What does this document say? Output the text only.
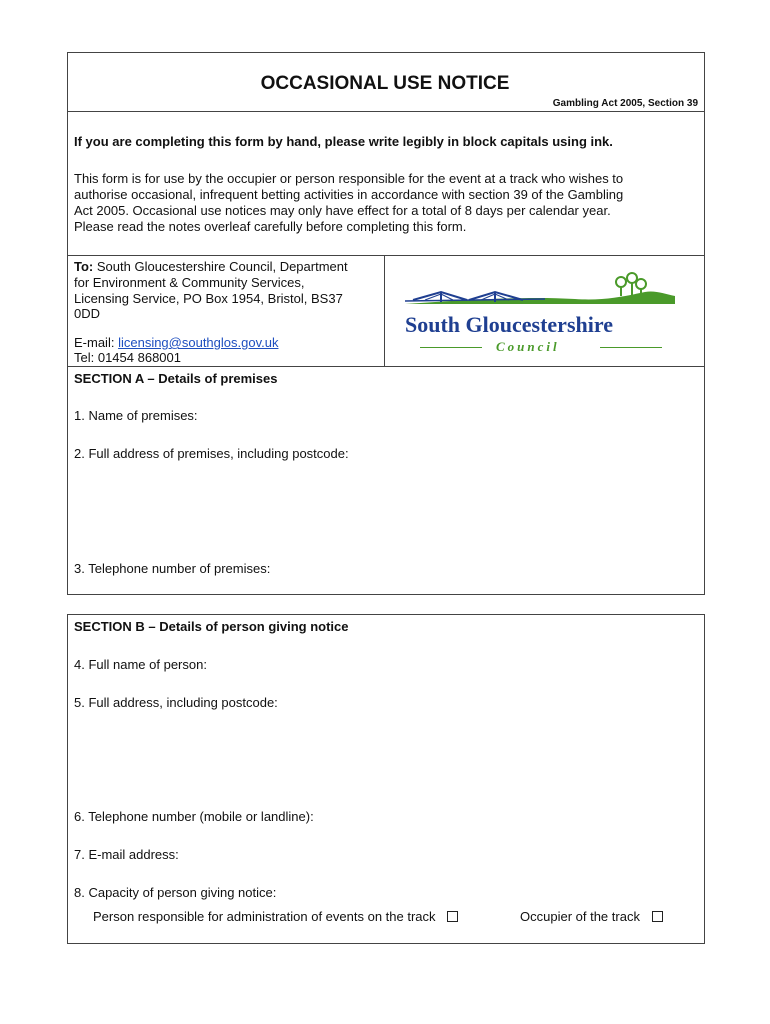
OCCASIONAL USE NOTICE
Gambling Act 2005, Section 39
If you are completing this form by hand, please write legibly in block capitals using ink.
This form is for use by the occupier or person responsible for the event at a track who wishes to
authorise occasional, infrequent betting activities in accordance with section 39 of the Gambling
Act 2005. Occasional use notices may only have effect for a total of 8 days per calendar year.
Please read the notes overleaf carefully before completing this form.
To: South Gloucestershire Council, Department
for Environment & Community Services,
Licensing Service, PO Box 1954, Bristol, BS37
0DD
E-mail: licensing@southglos.gov.uk
Tel: 01454 868001
South Gloucestershire
Council
SECTION A – Details of premises
1. Name of premises:
2. Full address of premises, including postcode:
3. Telephone number of premises:
SECTION B – Details of person giving notice
4. Full name of person:
5. Full address, including postcode:
6. Telephone number (mobile or landline):
7. E-mail address:
8. Capacity of person giving notice:
Person responsible for administration of events on the track	Occupier of the track
